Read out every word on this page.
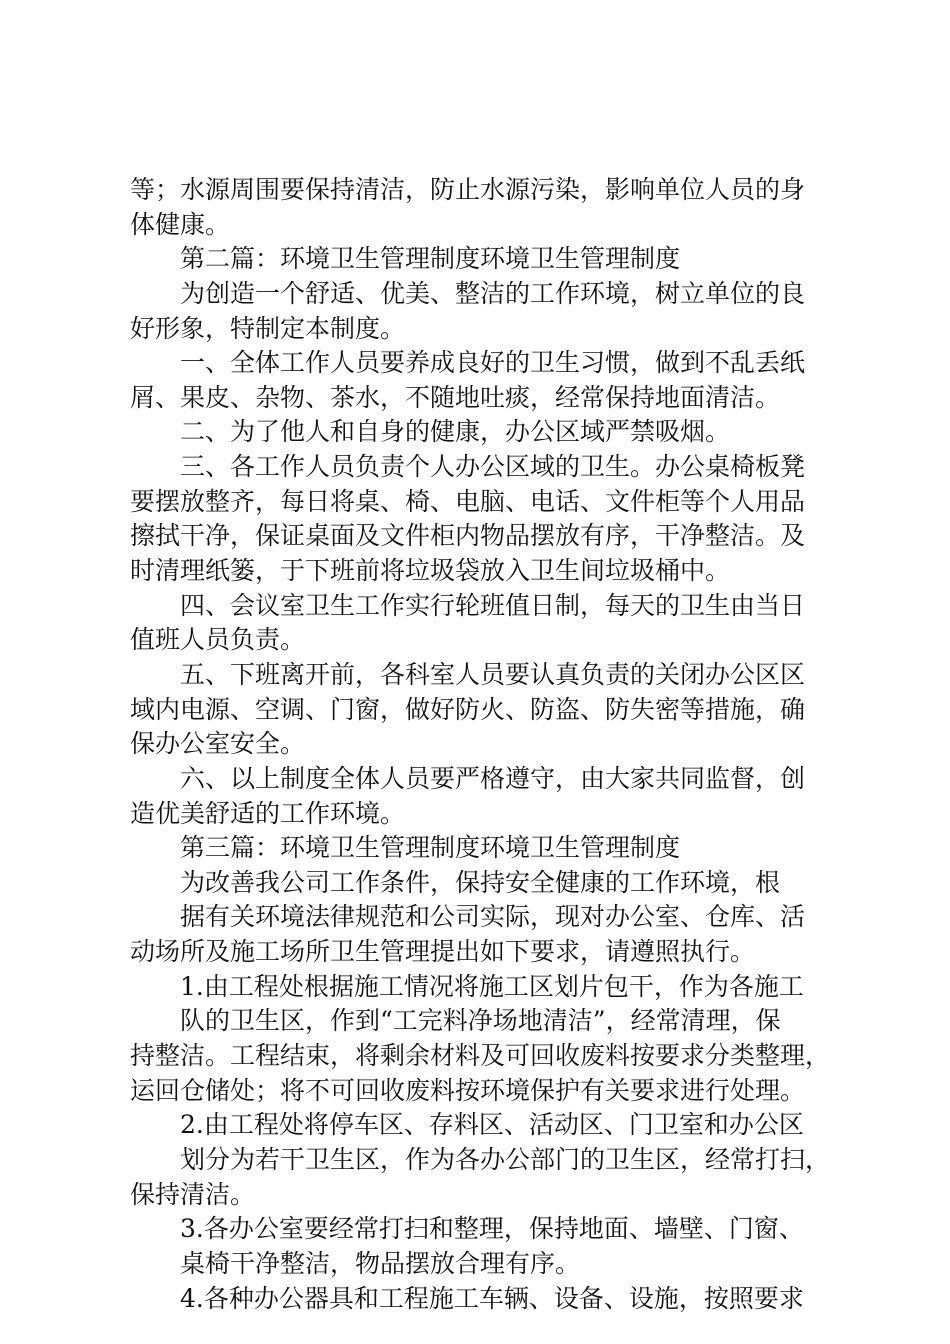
等；水源周围要保持清洁，防止水源污染，影响单位人员的身
体健康。
第二篇：环境卫生管理制度环境卫生管理制度
为创造一个舒适、优美、整洁的工作环境，树立单位的良
好形象，特制定本制度。
一、全体工作人员要养成良好的卫生习惯，做到不乱丢纸
屑、果皮、杂物、茶水，不随地吐痰，经常保持地面清洁。
二、为了他人和自身的健康，办公区域严禁吸烟。
三、各工作人员负责个人办公区域的卫生。办公桌椅板凳
要摆放整齐，每日将桌、椅、电脑、电话、文件柜等个人用品
擦拭干净，保证桌面及文件柜内物品摆放有序，干净整洁。及
时清理纸篓，于下班前将垃圾袋放入卫生间垃圾桶中。
四、会议室卫生工作实行轮班值日制，每天的卫生由当日
值班人员负责。
五、下班离开前，各科室人员要认真负责的关闭办公区区
域内电源、空调、门窗，做好防火、防盗、防失密等措施，确
保办公室安全。
六、以上制度全体人员要严格遵守，由大家共同监督，创
造优美舒适的工作环境。
第三篇：环境卫生管理制度环境卫生管理制度
为改善我公司工作条件，保持安全健康的工作环境，根
据有关环境法律规范和公司实际，现对办公室、仓库、活
动场所及施工场所卫生管理提出如下要求，请遵照执行。
1.由工程处根据施工情况将施工区划片包干，作为各施工
队的卫生区，作到“工完料净场地清洁”，经常清理，保
持整洁。工程结束，将剩余材料及可回收废料按要求分类整理，
运回仓储处；将不可回收废料按环境保护有关要求进行处理。
2.由工程处将停车区、存料区、活动区、门卫室和办公区
划分为若干卫生区，作为各办公部门的卫生区，经常打扫，
保持清洁。
3.各办公室要经常打扫和整理，保持地面、墙壁、门窗、
桌椅干净整洁，物品摆放合理有序。
4.各种办公器具和工程施工车辆、设备、设施，按照要求
